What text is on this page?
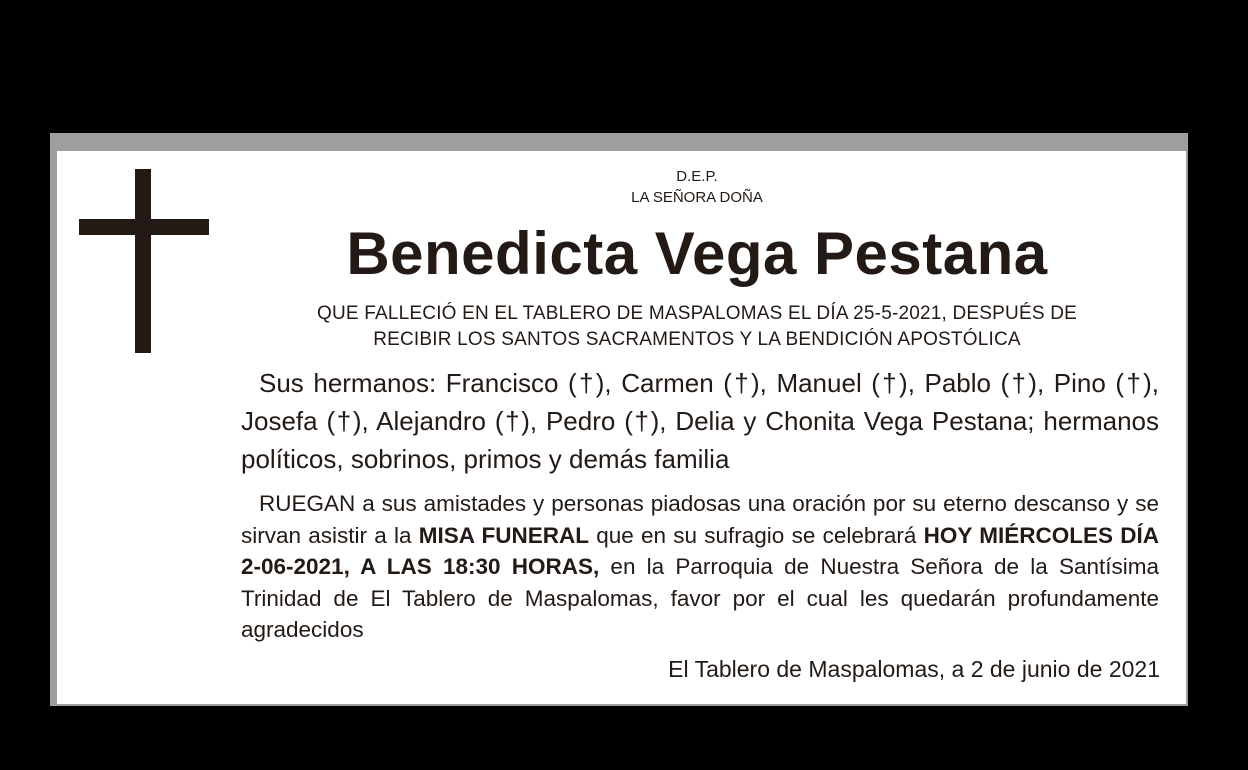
D.E.P.
LA SEÑORA DOÑA
Benedicta Vega Pestana
QUE FALLECIÓ EN EL TABLERO DE MASPALOMAS EL DÍA 25-5-2021, DESPUÉS DE
RECIBIR LOS SANTOS SACRAMENTOS Y LA BENDICIÓN APOSTÓLICA
Sus hermanos: Francisco (†), Carmen (†), Manuel (†), Pablo (†), Pino (†), Josefa (†), Alejandro (†), Pedro (†), Delia y Chonita Vega Pestana; hermanos políticos, sobrinos, primos y demás familia
RUEGAN a sus amistades y personas piadosas una oración por su eterno descanso y se sirvan asistir a la MISA FUNERAL que en su sufragio se celebrará HOY MIÉRCOLES DÍA 2-06-2021, A LAS 18:30 HORAS, en la Parroquia de Nuestra Señora de la Santísima Trinidad de El Tablero de Maspalomas, favor por el cual les quedarán profundamente agradecidos
El Tablero de Maspalomas, a 2 de junio de 2021
